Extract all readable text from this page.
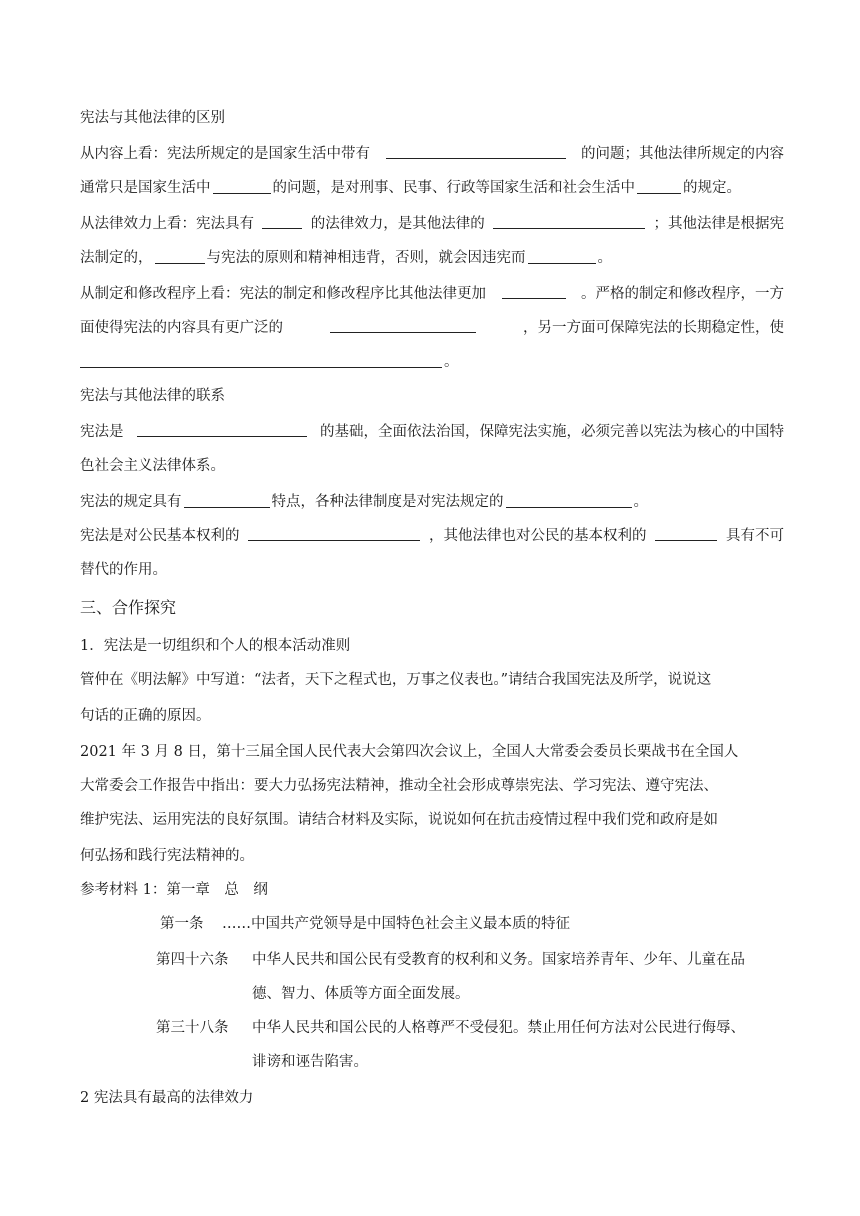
宪法与其他法律的区别
从内容上看：宪法所规定的是国家生活中带有	的问题；其他法律所规定的内容
通常只是国家生活中	的问题，是对刑事、民事、行政等国家生活和社会生活中	的规定。
从法律效力上看：宪法具有	的法律效力，是其他法律的	；其他法律是根据宪
法制定的，	与宪法的原则和精神相违背，否则，就会因违宪而	。
从制定和修改程序上看：宪法的制定和修改程序比其他法律更加	。严格的制定和修改程序，一方
面使得宪法的内容具有更广泛的	，另一方面可保障宪法的长期稳定性，使
。
宪法与其他法律的联系
宪法是	的基础，全面依法治国，保障宪法实施，必须完善以宪法为核心的中国特
色社会主义法律体系。
宪法的规定具有	特点，各种法律制度是对宪法规定的	。
宪法是对公民基本权利的	，其他法律也对公民的基本权利的	具有不可
替代的作用。
三、合作探究
1．宪法是一切组织和个人的根本活动准则
管仲在《明法解》中写道：“法者，天下之程式也，万事之仪表也。”请结合我国宪法及所学，说说这
句话的正确的原因。
2021 年 3 月 8 日，第十三届全国人民代表大会第四次会议上，全国人大常委会委员长栗战书在全国人
大常委会工作报告中指出：要大力弘扬宪法精神，推动全社会形成尊崇宪法、学习宪法、遵守宪法、
维护宪法、运用宪法的良好氛围。请结合材料及实际，说说如何在抗击疫情过程中我们党和政府是如
何弘扬和践行宪法精神的。
参考材料 1：第一章　总　纲
第一条 ……中国共产党领导是中国特色社会主义最本质的特征
第四十六条 中华人民共和国公民有受教育的权利和义务。国家培养青年、少年、儿童在品
德、智力、体质等方面全面发展。
第三十八条 中华人民共和国公民的人格尊严不受侵犯。禁止用任何方法对公民进行侮辱、
诽谤和诬告陷害。
2 宪法具有最高的法律效力
